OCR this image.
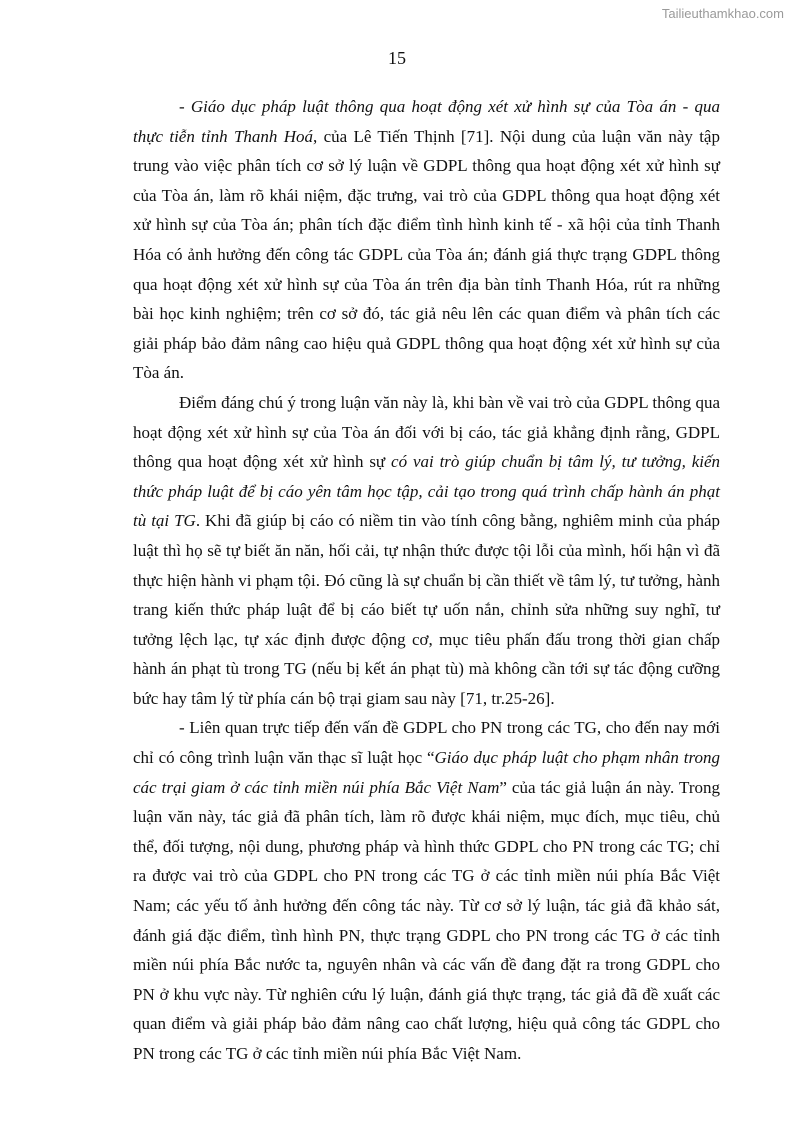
Tailieuthamkhao.com
15

- Giáo dục pháp luật thông qua hoạt động xét xử hình sự của Tòa án - qua thực tiễn tỉnh Thanh Hoá, của Lê Tiến Thịnh [71]. Nội dung của luận văn này tập trung vào việc phân tích cơ sở lý luận về GDPL thông qua hoạt động xét xử hình sự của Tòa án, làm rõ khái niệm, đặc trưng, vai trò của GDPL thông qua hoạt động xét xử hình sự của Tòa án; phân tích đặc điểm tình hình kinh tế - xã hội của tỉnh Thanh Hóa có ảnh hưởng đến công tác GDPL của Tòa án; đánh giá thực trạng GDPL thông qua hoạt động xét xử hình sự của Tòa án trên địa bàn tỉnh Thanh Hóa, rút ra những bài học kinh nghiệm; trên cơ sở đó, tác giả nêu lên các quan điểm và phân tích các giải pháp bảo đảm nâng cao hiệu quả GDPL thông qua hoạt động xét xử hình sự của Tòa án.

Điểm đáng chú ý trong luận văn này là, khi bàn về vai trò của GDPL thông qua hoạt động xét xử hình sự của Tòa án đối với bị cáo, tác giả khẳng định rằng, GDPL thông qua hoạt động xét xử hình sự có vai trò giúp chuẩn bị tâm lý, tư tưởng, kiến thức pháp luật để bị cáo yên tâm học tập, cải tạo trong quá trình chấp hành án phạt tù tại TG. Khi đã giúp bị cáo có niềm tin vào tính công bằng, nghiêm minh của pháp luật thì họ sẽ tự biết ăn năn, hối cải, tự nhận thức được tội lỗi của mình, hối hận vì đã thực hiện hành vi phạm tội. Đó cũng là sự chuẩn bị cần thiết về tâm lý, tư tưởng, hành trang kiến thức pháp luật để bị cáo biết tự uốn nắn, chỉnh sửa những suy nghĩ, tư tưởng lệch lạc, tự xác định được động cơ, mục tiêu phấn đấu trong thời gian chấp hành án phạt tù trong TG (nếu bị kết án phạt tù) mà không cần tới sự tác động cưỡng bức hay tâm lý từ phía cán bộ trại giam sau này [71, tr.25-26].

- Liên quan trực tiếp đến vấn đề GDPL cho PN trong các TG, cho đến nay mới chỉ có công trình luận văn thạc sĩ luật học “Giáo dục pháp luật cho phạm nhân trong các trại giam ở các tỉnh miền núi phía Bắc Việt Nam” của tác giả luận án này. Trong luận văn này, tác giả đã phân tích, làm rõ được khái niệm, mục đích, mục tiêu, chủ thể, đối tượng, nội dung, phương pháp và hình thức GDPL cho PN trong các TG; chỉ ra được vai trò của GDPL cho PN trong các TG ở các tỉnh miền núi phía Bắc Việt Nam; các yếu tố ảnh hưởng đến công tác này. Từ cơ sở lý luận, tác giả đã khảo sát, đánh giá đặc điểm, tình hình PN, thực trạng GDPL cho PN trong các TG ở các tỉnh miền núi phía Bắc nước ta, nguyên nhân và các vấn đề đang đặt ra trong GDPL cho PN ở khu vực này. Từ nghiên cứu lý luận, đánh giá thực trạng, tác giả đã đề xuất các quan điểm và giải pháp bảo đảm nâng cao chất lượng, hiệu quả công tác GDPL cho PN trong các TG ở các tỉnh miền núi phía Bắc Việt Nam.
